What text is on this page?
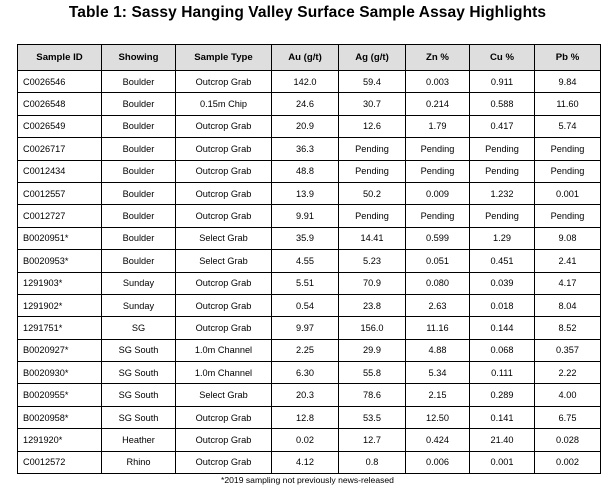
Table 1: Sassy Hanging Valley Surface Sample Assay Highlights
Sample ID	Showing	Sample Type	Au (g/t)	Ag (g/t)	Zn %	Cu %	Pb %
C0026546	Boulder	Outcrop Grab	142.0	59.4	0.003	0.911	9.84
C0026548	Boulder	0.15m Chip	24.6	30.7	0.214	0.588	11.60
C0026549	Boulder	Outcrop Grab	20.9	12.6	1.79	0.417	5.74
C0026717	Boulder	Outcrop Grab	36.3	Pending	Pending	Pending	Pending
C0012434	Boulder	Outcrop Grab	48.8	Pending	Pending	Pending	Pending
C0012557	Boulder	Outcrop Grab	13.9	50.2	0.009	1.232	0.001
C0012727	Boulder	Outcrop Grab	9.91	Pending	Pending	Pending	Pending
B0020951*	Boulder	Select Grab	35.9	14.41	0.599	1.29	9.08
B0020953*	Boulder	Select Grab	4.55	5.23	0.051	0.451	2.41
1291903*	Sunday	Outcrop Grab	5.51	70.9	0.080	0.039	4.17
1291902*	Sunday	Outcrop Grab	0.54	23.8	2.63	0.018	8.04
1291751*	SG	Outcrop Grab	9.97	156.0	11.16	0.144	8.52
B0020927*	SG South	1.0m Channel	2.25	29.9	4.88	0.068	0.357
B0020930*	SG South	1.0m Channel	6.30	55.8	5.34	0.111	2.22
B0020955*	SG South	Select Grab	20.3	78.6	2.15	0.289	4.00
B0020958*	SG South	Outcrop Grab	12.8	53.5	12.50	0.141	6.75
1291920*	Heather	Outcrop Grab	0.02	12.7	0.424	21.40	0.028
C0012572	Rhino	Outcrop Grab	4.12	0.8	0.006	0.001	0.002
*2019 sampling not previously news-released
